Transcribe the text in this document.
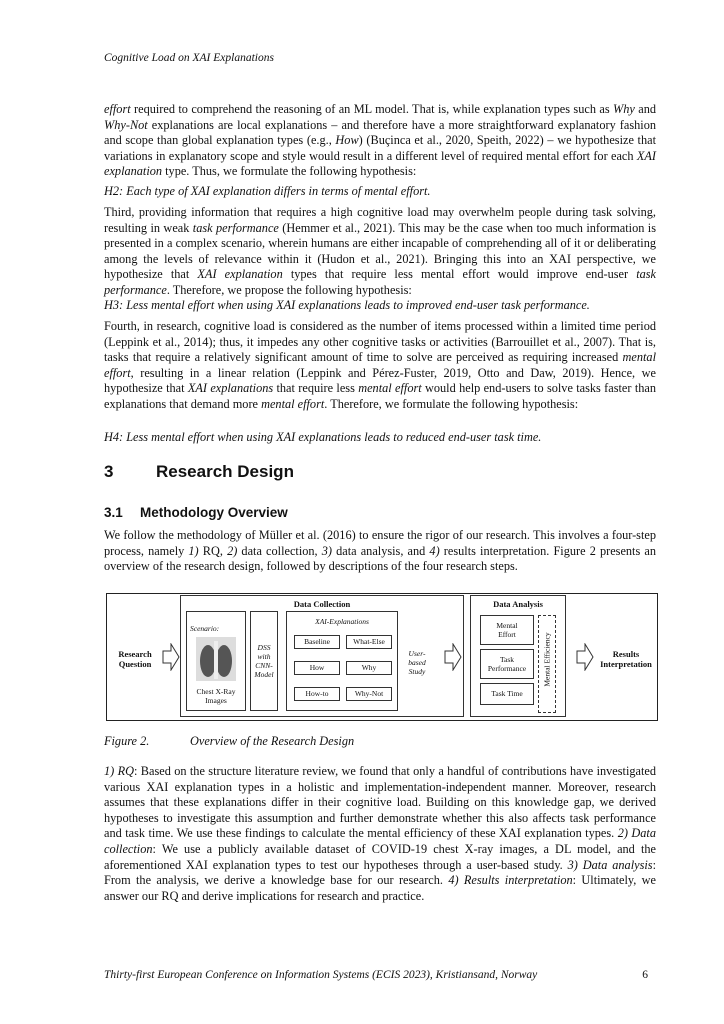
Cognitive Load on XAI Explanations

effort required to comprehend the reasoning of an ML model. That is, while explanation types such as Why and Why-Not explanations are local explanations – and therefore have a more straightforward explanatory fashion and scope than global explanation types (e.g., How) (Buçinca et al., 2020, Speith, 2022) – we hypothesize that variations in explanatory scope and style would result in a different level of required mental effort for each XAI explanation type. Thus, we formulate the following hypothesis:

H2: Each type of XAI explanation differs in terms of mental effort.

Third, providing information that requires a high cognitive load may overwhelm people during task solving, resulting in weak task performance (Hemmer et al., 2021). This may be the case when too much information is presented in a complex scenario, wherein humans are either incapable of comprehending all of it or deliberating among the levels of relevance within it (Hudon et al., 2021). Bringing this into an XAI perspective, we hypothesize that XAI explanation types that require less mental effort would improve end-user task performance. Therefore, we propose the following hypothesis:

H3: Less mental effort when using XAI explanations leads to improved end-user task performance.

Fourth, in research, cognitive load is considered as the number of items processed within a limited time period (Leppink et al., 2014); thus, it impedes any other cognitive tasks or activities (Barrouillet et al., 2007). That is, tasks that require a relatively significant amount of time to solve are perceived as requiring increased mental effort, resulting in a linear relation (Leppink and Pérez-Fuster, 2019, Otto and Daw, 2019). Hence, we hypothesize that XAI explanations that require less mental effort would help end-users to solve tasks faster than explanations that demand more mental effort. Therefore, we formulate the following hypothesis:

H4: Less mental effort when using XAI explanations leads to reduced end-user task time.

3	Research Design
3.1 Methodology Overview

We follow the methodology of Müller et al. (2016) to ensure the rigor of our research. This involves a four-step process, namely 1) RQ, 2) data collection, 3) data analysis, and 4) results interpretation. Figure 2 presents an overview of the research design, followed by descriptions of the four research steps.

Research
Question
Data Collection
Scenario:
Chest X-Ray
Images
DSS
with
CNN-
Model
XAI-Explanations
Baseline	What-Else
How	Why
How-to	Why-Not
User-
based
Study
Data Analysis
Mental
Effort
Task
Performance
Task Time
Mental Efficiency	Results
Interpretation
Figure 2.	Overview of the Research Design

1) RQ: Based on the structure literature review, we found that only a handful of contributions have investigated various XAI explanation types in a holistic and implementation-independent manner. Moreover, research assumes that these explanations differ in their cognitive load. Building on this knowledge gap, we derived hypotheses to investigate this assumption and further demonstrate whether this also affects task performance and task time. We use these findings to calculate the mental efficiency of these XAI explanation types. 2) Data collection: We use a publicly available dataset of COVID-19 chest X-ray images, a DL model, and the aforementioned XAI explanation types to test our hypotheses through a user-based study. 3) Data analysis: From the analysis, we derive a knowledge base for our research. 4) Results interpretation: Ultimately, we answer our RQ and derive implications for research and practice.

Thirty-first European Conference on Information Systems (ECIS 2023), Kristiansand, Norway	6
